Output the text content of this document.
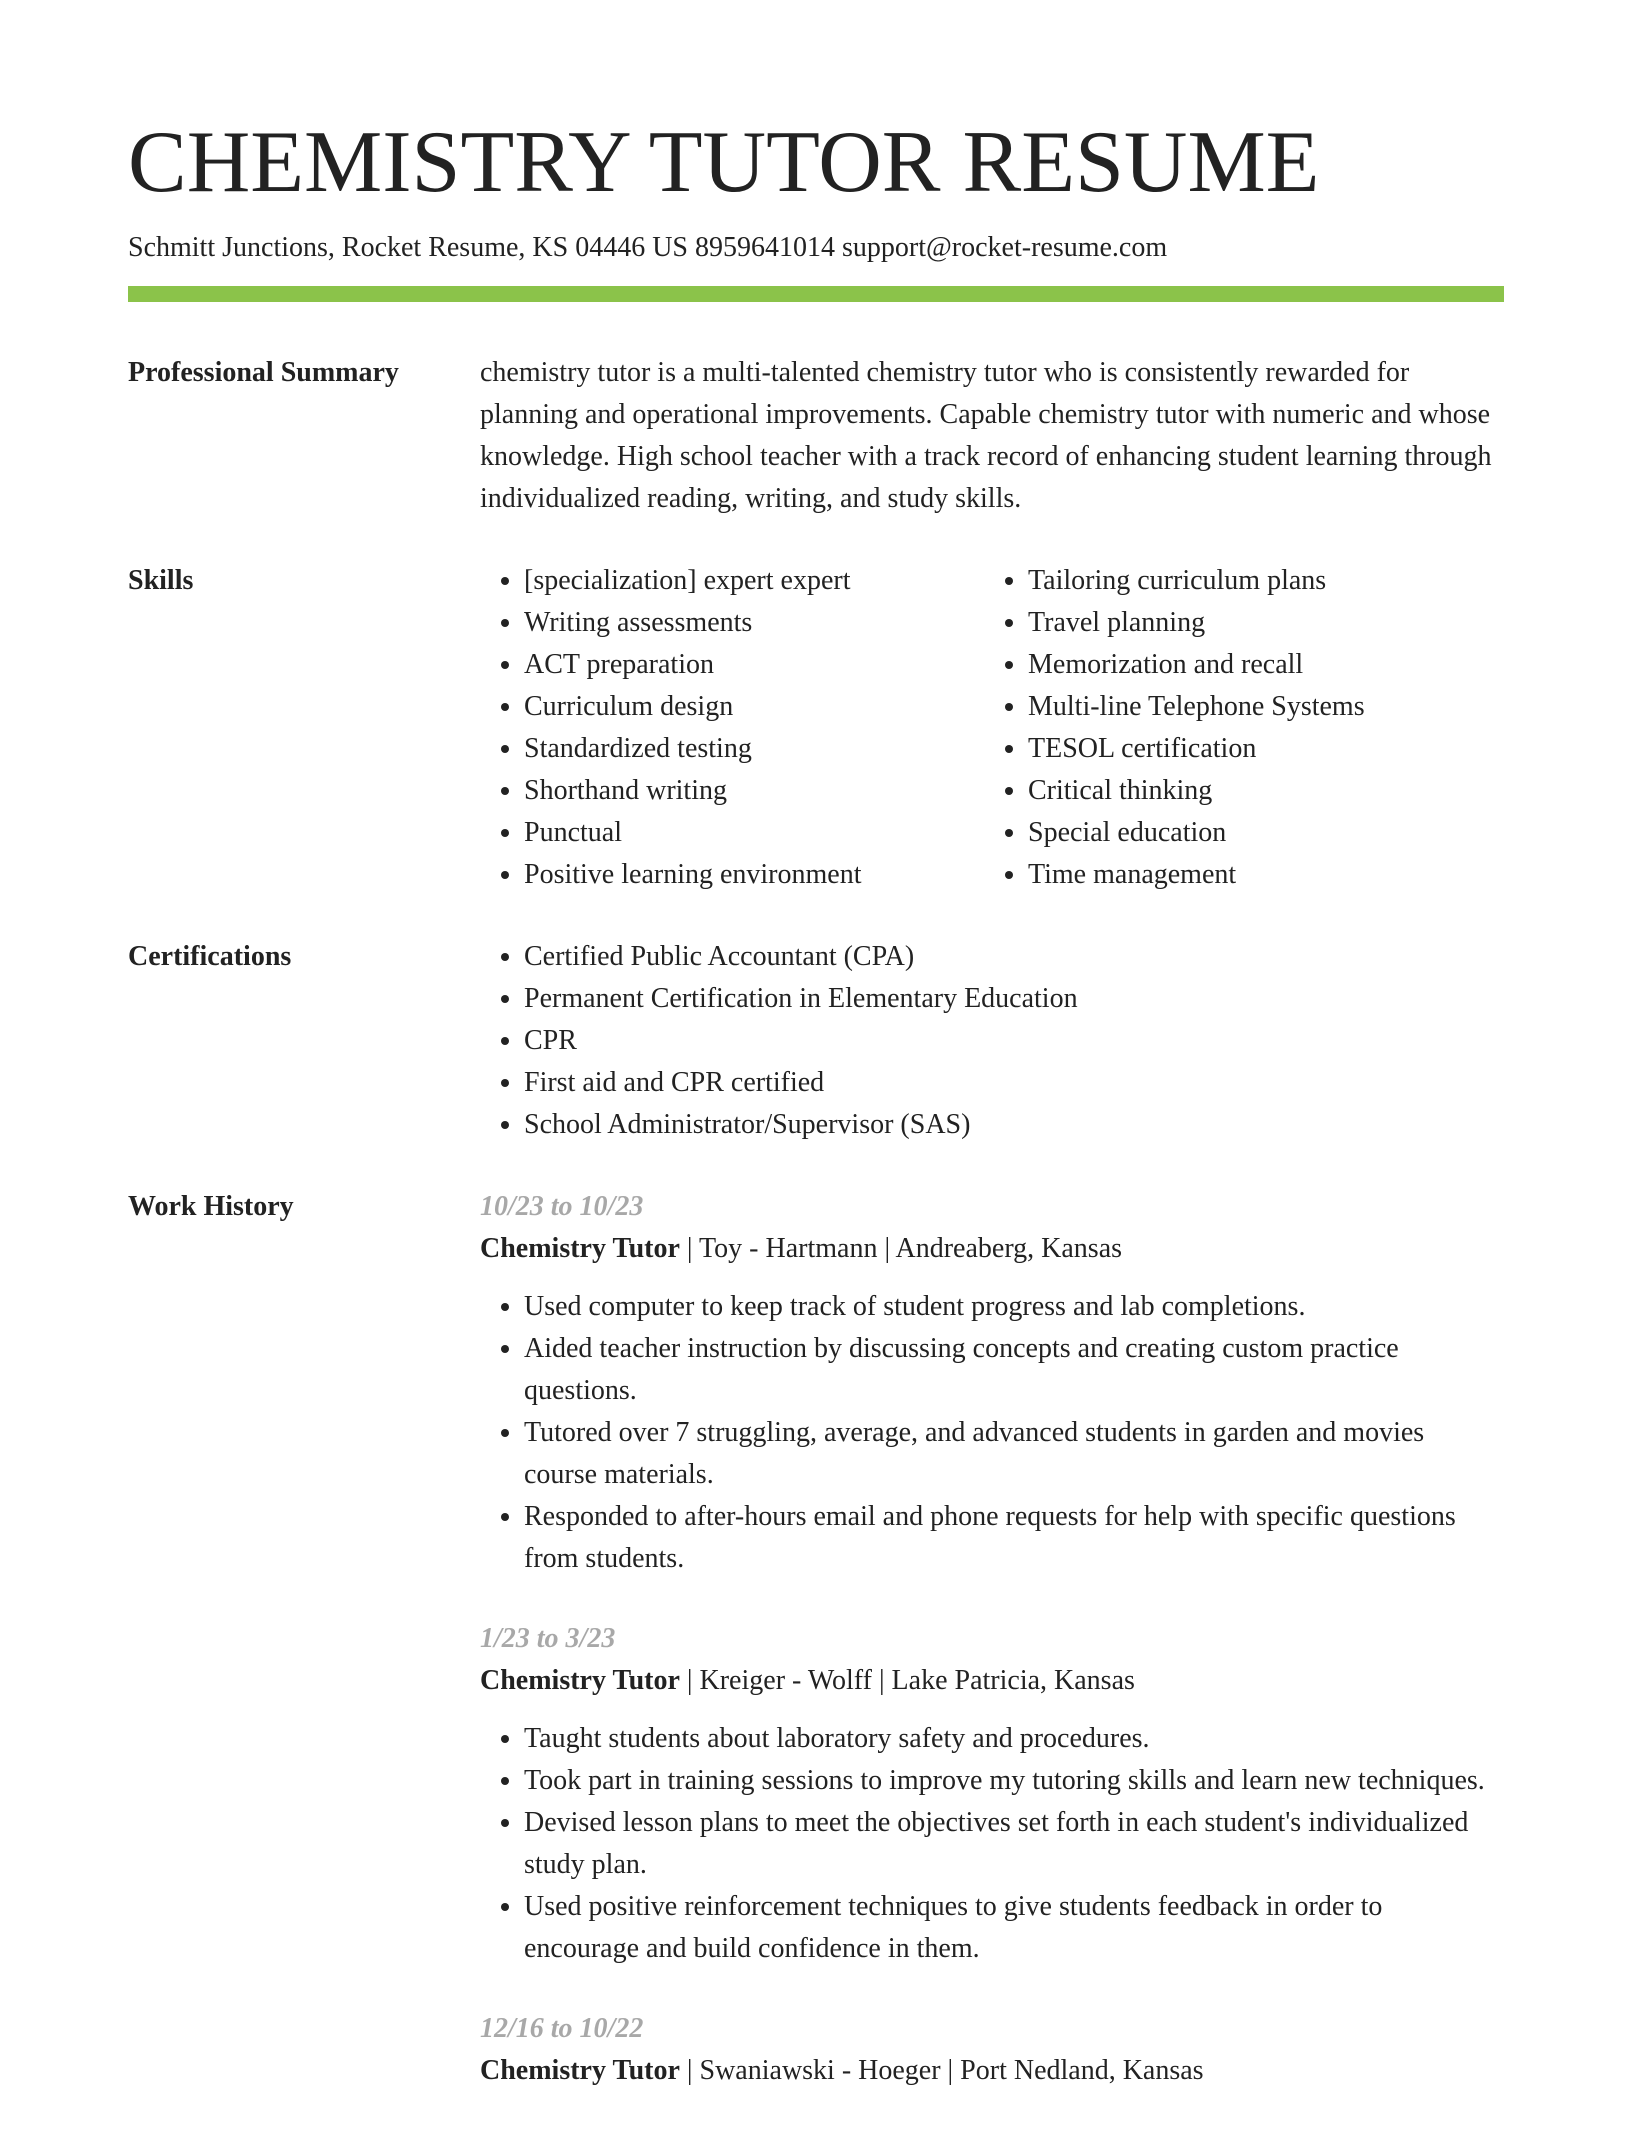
CHEMISTRY TUTOR RESUME
Schmitt Junctions, Rocket Resume, KS 04446 US 8959641014 support@rocket-resume.com
Professional Summary	chemistry tutor is a multi-talented chemistry tutor who is consistently rewarded for planning and operational improvements. Capable chemistry tutor with numeric and whose knowledge. High school teacher with a track record of enhancing student learning through individualized reading, writing, and study skills.

Skills	• [specialization] expert expert
• Writing assessments
• ACT preparation
• Curriculum design
• Standardized testing
• Shorthand writing
• Punctual
• Positive learning environment
• Tailoring curriculum plans
• Travel planning
• Memorization and recall
• Multi-line Telephone Systems
• TESOL certification
• Critical thinking
• Special education
• Time management
Certifications	• Certified Public Accountant (CPA)
• Permanent Certification in Elementary Education
• CPR
• First aid and CPR certified
• School Administrator/Supervisor (SAS)
Work History	10/23 to 10/23
Chemistry Tutor | Toy - Hartmann | Andreaberg, Kansas
• Used computer to keep track of student progress and lab completions.
• Aided teacher instruction by discussing concepts and creating custom practice questions.
• Tutored over 7 struggling, average, and advanced students in garden and movies course materials.
• Responded to after-hours email and phone requests for help with specific questions from students.
1/23 to 3/23
Chemistry Tutor | Kreiger - Wolff | Lake Patricia, Kansas
• Taught students about laboratory safety and procedures.
• Took part in training sessions to improve my tutoring skills and learn new techniques.
• Devised lesson plans to meet the objectives set forth in each student's individualized study plan.
• Used positive reinforcement techniques to give students feedback in order to encourage and build confidence in them.
12/16 to 10/22
Chemistry Tutor | Swaniawski - Hoeger | Port Nedland, Kansas
